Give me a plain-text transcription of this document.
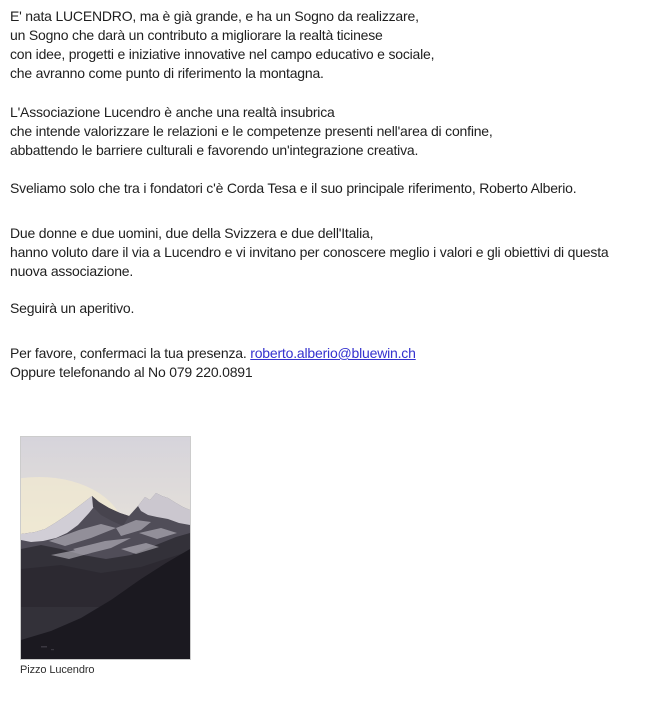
E' nata LUCENDRO, ma è già grande, e ha un Sogno da realizzare, un Sogno che darà un contributo a migliorare la realtà ticinese con idee, progetti e iniziative innovative nel campo educativo e sociale, che avranno come punto di riferimento la montagna.

L'Associazione Lucendro è anche una realtà insubrica che intende valorizzare le relazioni e le competenze presenti nell'area di confine, abbattendo le barriere culturali e favorendo un'integrazione creativa.

Sveliamo solo che tra i fondatori c'è Corda Tesa e il suo principale riferimento, Roberto Alberio.

Due donne e due uomini, due della Svizzera e due dell'Italia, hanno voluto dare il via a Lucendro e vi invitano per conoscere meglio i valori e gli obiettivi di questa nuova associazione.

Seguirà un aperitivo.

Per favore, confermaci la tua presenza. roberto.alberio@bluewin.ch Oppure telefonando al No 079 220.0891

Pizzo Lucendro
